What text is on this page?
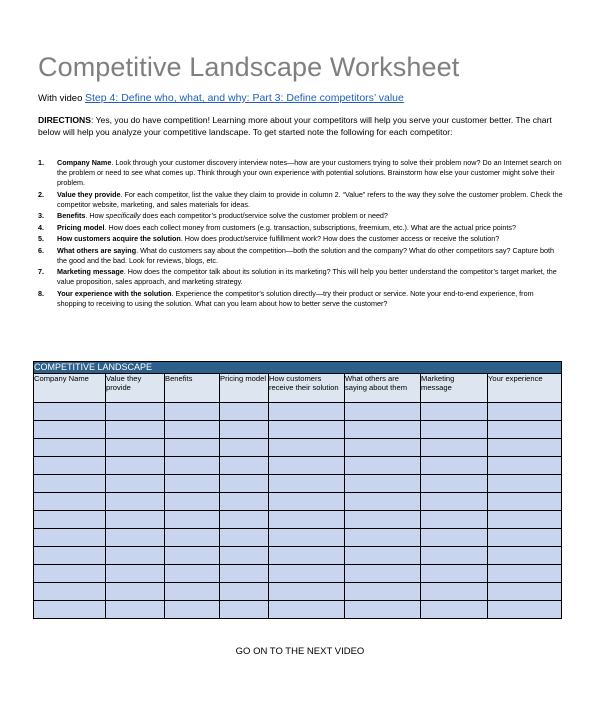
Competitive Landscape Worksheet
With video Step 4: Define who, what, and why: Part 3: Define competitors’ value
DIRECTIONS: Yes, you do have competition! Learning more about your competitors will help you serve your customer better. The chart below will help you analyze your competitive landscape. To get started note the following for each competitor:
1. Company Name. Look through your customer discovery interview notes—how are your customers trying to solve their problem now? Do an Internet search on the problem or need to see what comes up. Think through your own experience with potential solutions. Brainstorm how else your customer might solve their problem.
2. Value they provide. For each competitor, list the value they claim to provide in column 2. “Value” refers to the way they solve the customer problem. Check the competitor website, marketing, and sales materials for ideas.
3. Benefits. How specifically does each competitor’s product/service solve the customer problem or need?
4. Pricing model. How does each collect money from customers (e.g. transaction, subscriptions, freemium, etc.). What are the actual price points?
5. How customers acquire the solution. How does product/service fulfillment work? How does the customer access or receive the solution?
6. What others are saying. What do customers say about the competition—both the solution and the company? What do other competitors say? Capture both the good and the bad. Look for reviews, blogs, etc.
7. Marketing message. How does the competitor talk about its solution in its marketing? This will help you better understand the competitor’s target market, the value proposition, sales approach, and marketing strategy.
8. Your experience with the solution. Experience the competitor’s solution directly—try their product or service. Note your end-to-end experience, from shopping to receiving to using the solution. What can you learn about how to better serve the customer?
COMPETITIVE LANDSCAPE							
Company Name	Value they provide	Benefits	Pricing model	How customers receive their solution	What others are saying about them	Marketing message	Your experience

GO ON TO THE NEXT VIDEO
